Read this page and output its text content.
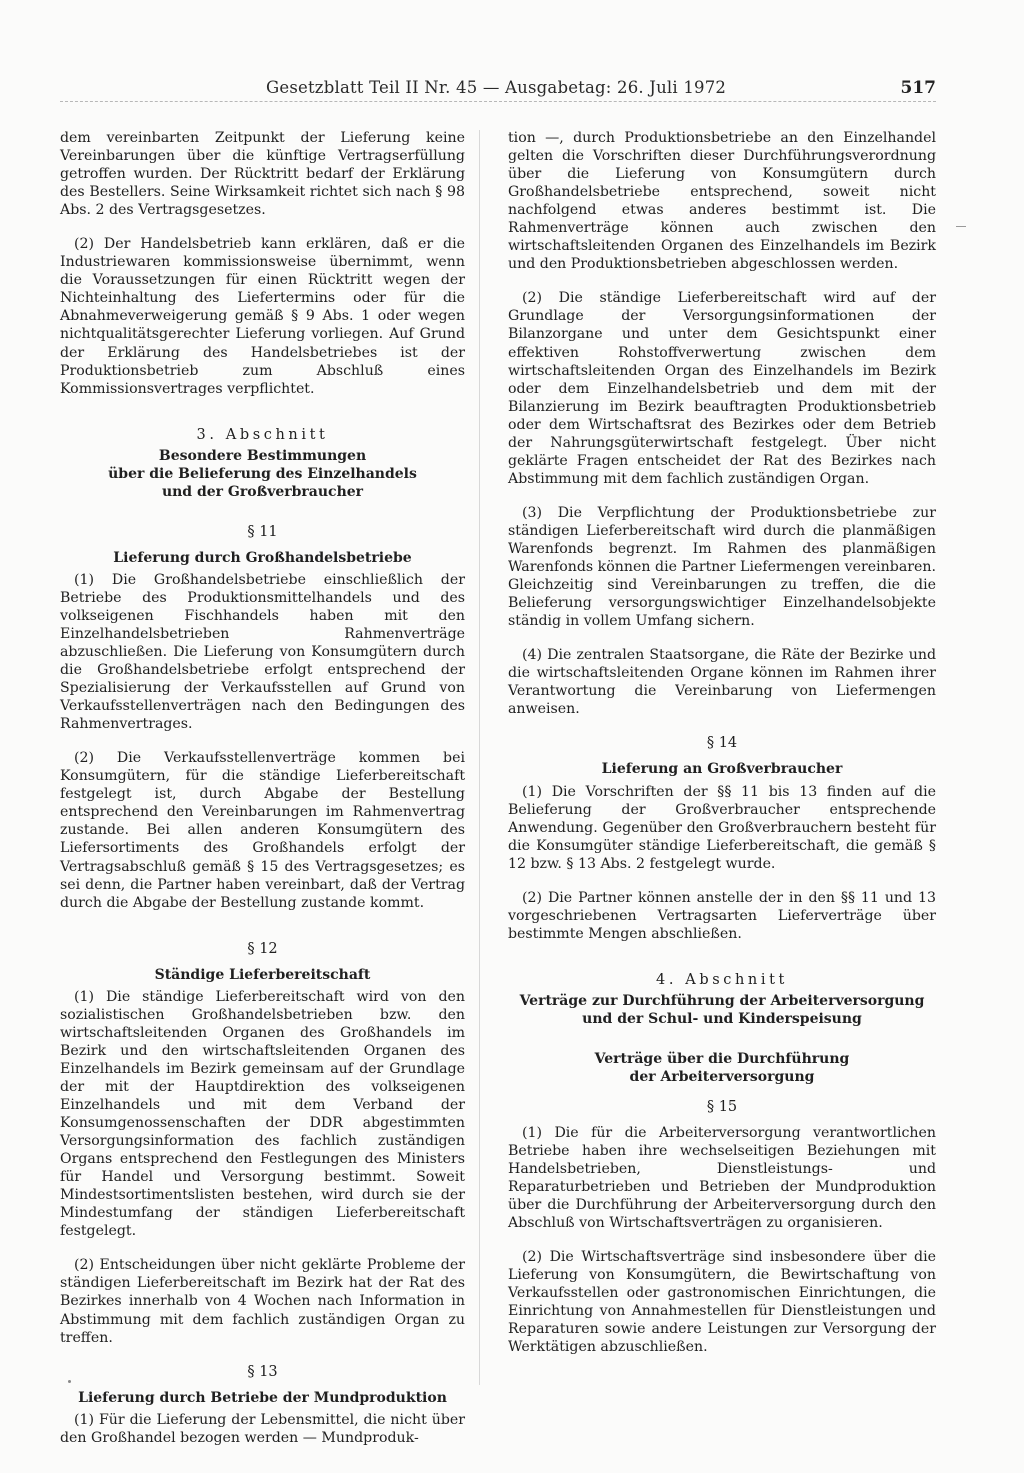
Gesetzblatt Teil II Nr. 45 — Ausgabetag: 26. Juli 1972	517

dem vereinbarten Zeitpunkt der Lieferung keine Vereinbarungen über die künftige Vertragserfüllung getroffen wurden. Der Rücktritt bedarf der Erklärung des Bestellers. Seine Wirksamkeit richtet sich nach § 98 Abs. 2 des Vertragsgesetzes.

(2) Der Handelsbetrieb kann erklären, daß er die Industriewaren kommissionsweise übernimmt, wenn die Voraussetzungen für einen Rücktritt wegen der Nichteinhaltung des Liefertermins oder für die Abnahmeverweigerung gemäß § 9 Abs. 1 oder wegen nichtqualitätsgerechter Lieferung vorliegen. Auf Grund der Erklärung des Handelsbetriebes ist der Produktionsbetrieb zum Abschluß eines Kommissionsvertrages verpflichtet.

3. Abschnitt
Besondere Bestimmungen
über die Belieferung des Einzelhandels
und der Großverbraucher
§ 11
Lieferung durch Großhandelsbetriebe

(1) Die Großhandelsbetriebe einschließlich der Betriebe des Produktionsmittelhandels und des volkseigenen Fischhandels haben mit den Einzelhandelsbetrieben Rahmenverträge abzuschließen. Die Lieferung von Konsumgütern durch die Großhandelsbetriebe erfolgt entsprechend der Spezialisierung der Verkaufsstellen auf Grund von Verkaufsstellenverträgen nach den Bedingungen des Rahmenvertrages.

(2) Die Verkaufsstellenverträge kommen bei Konsumgütern, für die ständige Lieferbereitschaft festgelegt ist, durch Abgabe der Bestellung entsprechend den Vereinbarungen im Rahmenvertrag zustande. Bei allen anderen Konsumgütern des Liefersortiments des Großhandels erfolgt der Vertragsabschluß gemäß § 15 des Vertragsgesetzes; es sei denn, die Partner haben vereinbart, daß der Vertrag durch die Abgabe der Bestellung zustande kommt.

§ 12
Ständige Lieferbereitschaft

(1) Die ständige Lieferbereitschaft wird von den sozialistischen Großhandelsbetrieben bzw. den wirtschaftsleitenden Organen des Großhandels im Bezirk und den wirtschaftsleitenden Organen des Einzelhandels im Bezirk gemeinsam auf der Grundlage der mit der Hauptdirektion des volkseigenen Einzelhandels und mit dem Verband der Konsumgenossenschaften der DDR abgestimmten Versorgungsinformation des fachlich zuständigen Organs entsprechend den Festlegungen des Ministers für Handel und Versorgung bestimmt. Soweit Mindestsortimentslisten bestehen, wird durch sie der Mindestumfang der ständigen Lieferbereitschaft festgelegt.

(2) Entscheidungen über nicht geklärte Probleme der ständigen Lieferbereitschaft im Bezirk hat der Rat des Bezirkes innerhalb von 4 Wochen nach Information in Abstimmung mit dem fachlich zuständigen Organ zu treffen.

§ 13
Lieferung durch Betriebe der Mundproduktion

(1) Für die Lieferung der Lebensmittel, die nicht über den Großhandel bezogen werden — Mundproduk-

tion —, durch Produktionsbetriebe an den Einzelhandel gelten die Vorschriften dieser Durchführungsverordnung über die Lieferung von Konsumgütern durch Großhandelsbetriebe entsprechend, soweit nicht nachfolgend etwas anderes bestimmt ist. Die Rahmenverträge können auch zwischen den wirtschaftsleitenden Organen des Einzelhandels im Bezirk und den Produktionsbetrieben abgeschlossen werden.

(2) Die ständige Lieferbereitschaft wird auf der Grundlage der Versorgungsinformationen der Bilanzorgane und unter dem Gesichtspunkt einer effektiven Rohstoffverwertung zwischen dem wirtschaftsleitenden Organ des Einzelhandels im Bezirk oder dem Einzelhandelsbetrieb und dem mit der Bilanzierung im Bezirk beauftragten Produktionsbetrieb oder dem Wirtschaftsrat des Bezirkes oder dem Betrieb der Nahrungsgüterwirtschaft festgelegt. Über nicht geklärte Fragen entscheidet der Rat des Bezirkes nach Abstimmung mit dem fachlich zuständigen Organ.

(3) Die Verpflichtung der Produktionsbetriebe zur ständigen Lieferbereitschaft wird durch die planmäßigen Warenfonds begrenzt. Im Rahmen des planmäßigen Warenfonds können die Partner Liefermengen vereinbaren. Gleichzeitig sind Vereinbarungen zu treffen, die die Belieferung versorgungswichtiger Einzelhandelsobjekte ständig in vollem Umfang sichern.

(4) Die zentralen Staatsorgane, die Räte der Bezirke und die wirtschaftsleitenden Organe können im Rahmen ihrer Verantwortung die Vereinbarung von Liefermengen anweisen.

§ 14
Lieferung an Großverbraucher

(1) Die Vorschriften der §§ 11 bis 13 finden auf die Belieferung der Großverbraucher entsprechende Anwendung. Gegenüber den Großverbrauchern besteht für die Konsumgüter ständige Lieferbereitschaft, die gemäß § 12 bzw. § 13 Abs. 2 festgelegt wurde.

(2) Die Partner können anstelle der in den §§ 11 und 13 vorgeschriebenen Vertragsarten Lieferverträge über bestimmte Mengen abschließen.

4. Abschnitt
Verträge zur Durchführung der Arbeiterversorgung
und der Schul- und Kinderspeisung
Verträge über die Durchführung
der Arbeiterversorgung
§ 15

(1) Die für die Arbeiterversorgung verantwortlichen Betriebe haben ihre wechselseitigen Beziehungen mit Handelsbetrieben, Dienstleistungs- und Reparaturbetrieben und Betrieben der Mundproduktion über die Durchführung der Arbeiterversorgung durch den Abschluß von Wirtschaftsverträgen zu organisieren.

(2) Die Wirtschaftsverträge sind insbesondere über die Lieferung von Konsumgütern, die Bewirtschaftung von Verkaufsstellen oder gastronomischen Einrichtungen, die Einrichtung von Annahmestellen für Dienstleistungen und Reparaturen sowie andere Leistungen zur Versorgung der Werktätigen abzuschließen.
